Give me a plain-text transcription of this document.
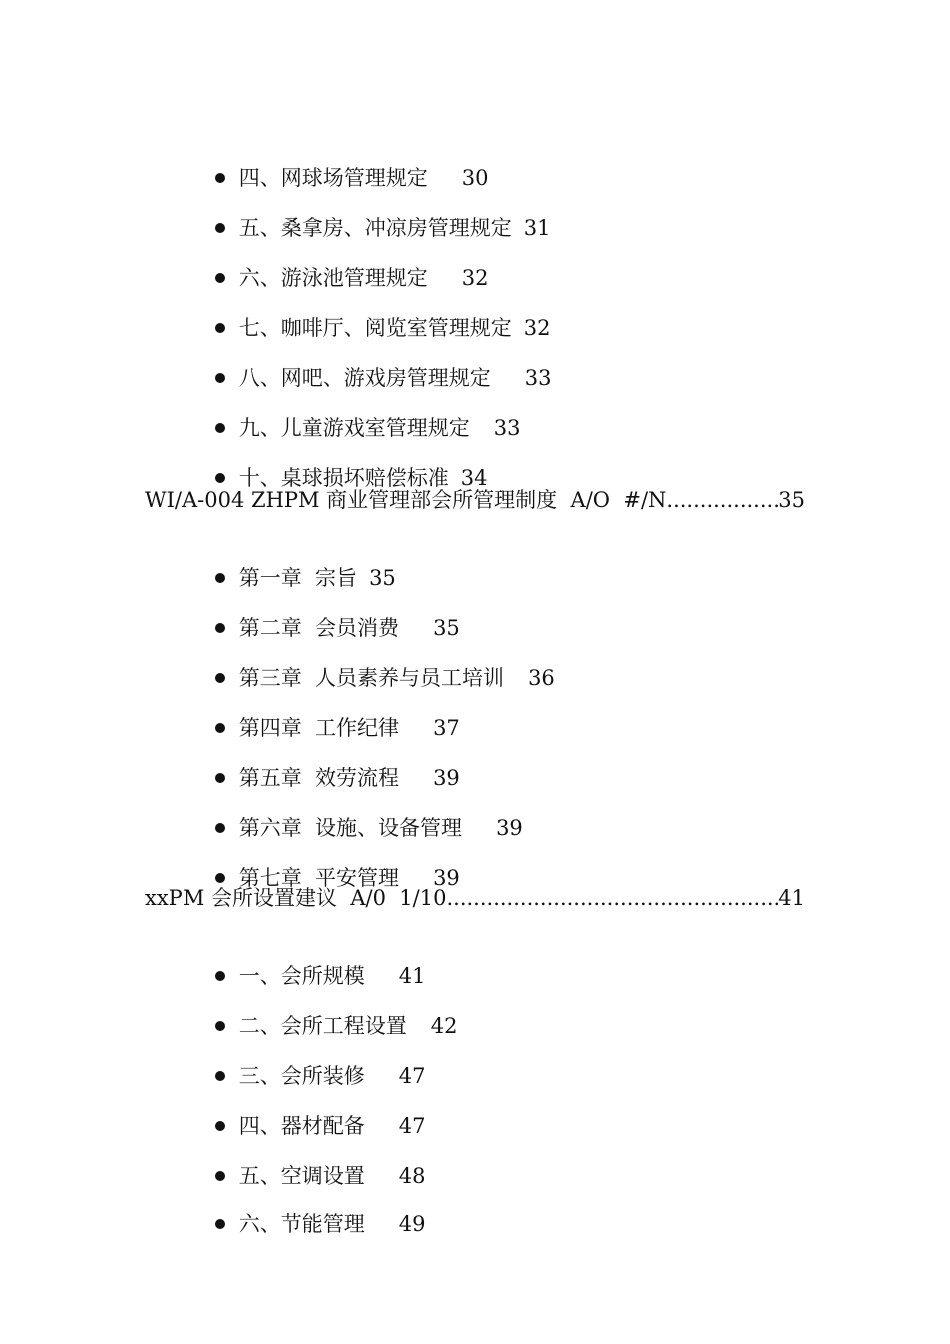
四、网球场管理规定 30

五、桑拿房、冲凉房管理规定 31

六、游泳池管理规定 32

七、咖啡厅、阅览室管理规定 32

八、网吧、游戏房管理规定 33

九、儿童游戏室管理规定 33

十、桌球损坏赔偿标准 34

WI/A-004 ZHPM 商业管理部会所管理制度  A/O  #/N .....	35

第一章  宗旨 35

第二章  会员消费 35

第三章  人员素养与员工培训 36

第四章  工作纪律 37

第五章  效劳流程 39

第六章  设施、设备管理 39

第七章  平安管理 39

xxPM 会所设置建议  A/0  1/10 .....	41

一、会所规模 41

二、会所工程设置 42

三、会所装修 47

四、器材配备 47

五、空调设置 48

六、节能管理 49
